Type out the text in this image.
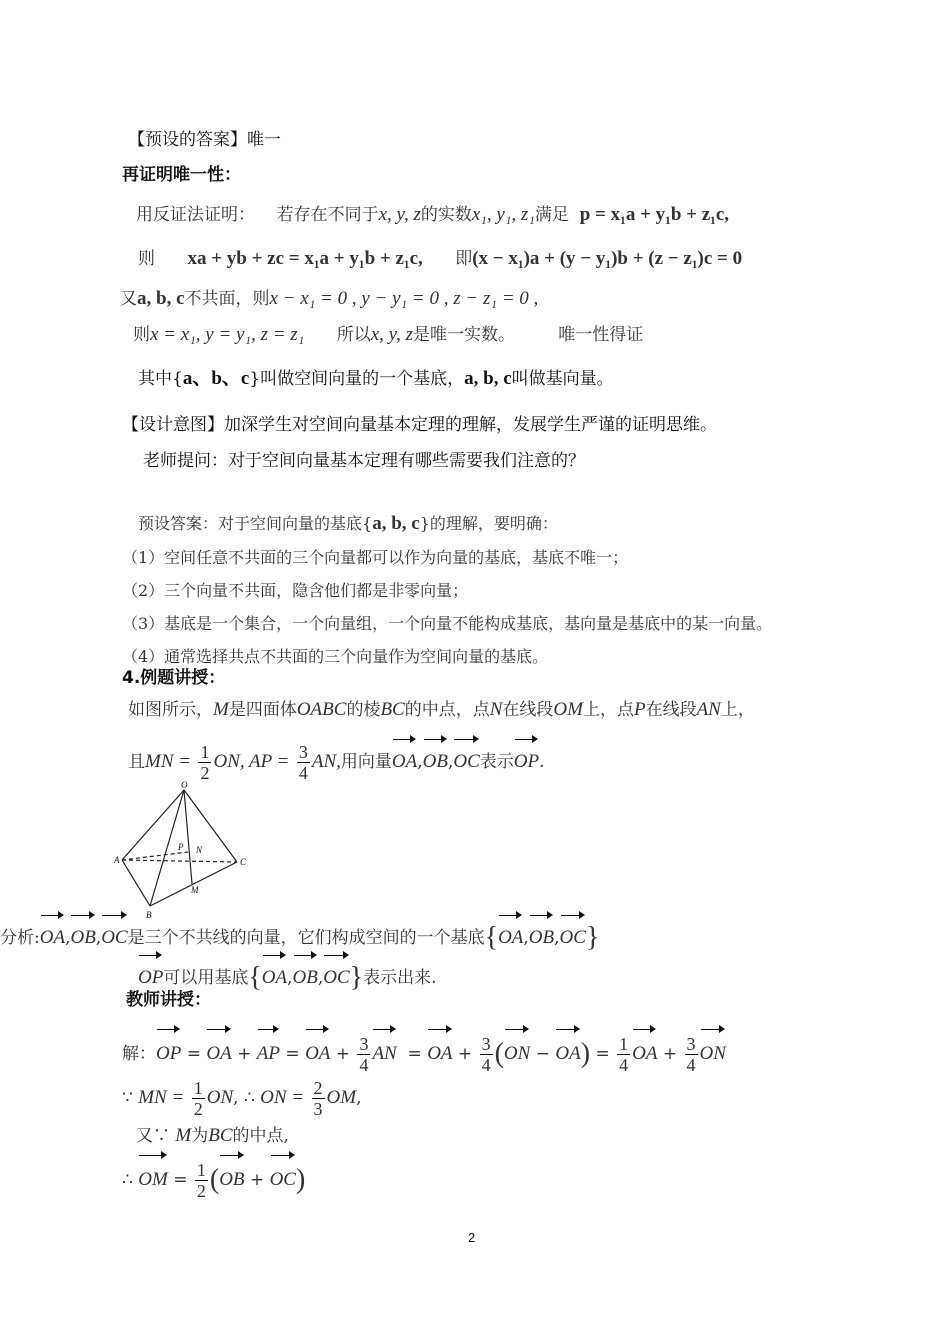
【预设的答案】唯一
再证明唯一性：
用反证法证明： 若存在不同于x, y, z的实数x₁, y₁, z₁满足 p = x₁a + y₁b + z₁c,
则 xa + yb + zc = x₁a + y₁b + z₁c, 即(x − x₁)a + (y − y₁)b + (z − z₁)c = 0
又a, b, c不共面，则x − x₁ = 0 , y − y₁ = 0 , z − z₁ = 0 ,
则x = x₁, y = y₁, z = z₁ 所以x, y, z是唯一实数。	唯一性得证
其中{a、b、c}叫做空间向量的一个基底，a, b, c叫做基向量。
【设计意图】加深学生对空间向量基本定理的理解，发展学生严谨的证明思维。
老师提问：对于空间向量基本定理有哪些需要我们注意的？
预设答案：对于空间向量的基底{a, b, c}的理解，要明确：
（1）空间任意不共面的三个向量都可以作为向量的基底，基底不唯一；
（2）三个向量不共面，隐含他们都是非零向量；
（3）基底是一个集合，一个向量组，一个向量不能构成基底，基向量是基底中的某一向量。
（4）通常选择共点不共面的三个向量作为空间向量的基底。
4.例题讲授：
如图所示，M是四面体OABC的棱BC的中点，点N在线段OM上，点P在线段AN上，
且MN = $\frac{1}{2}$ ON, AP = $\frac{3}{4}$ AN,用向量OA,OB,OC表示OP.
O
A
B
C
P N
M
分析:OA,OB,OC是三个不共线的向量，它们构成空间的一个基底{OA,OB,OC}
OP可以用基底{OA,OB,OC}表示出来.
教师讲授：
解：OP = OA + AP = OA + $\frac{3}{4}$ AN  = OA + $\frac{3}{4} (ON - OA) = \frac{1}{4}$ OA + $\frac{3}{4}$ ON
∵ MN = $\frac{1}{2}$ ON, ∴ ON = $\frac{2}{3}$ OM,
又∵ M为BC的中点,
∴ OM = $\frac{1}{2} (OB + OC)$
2
